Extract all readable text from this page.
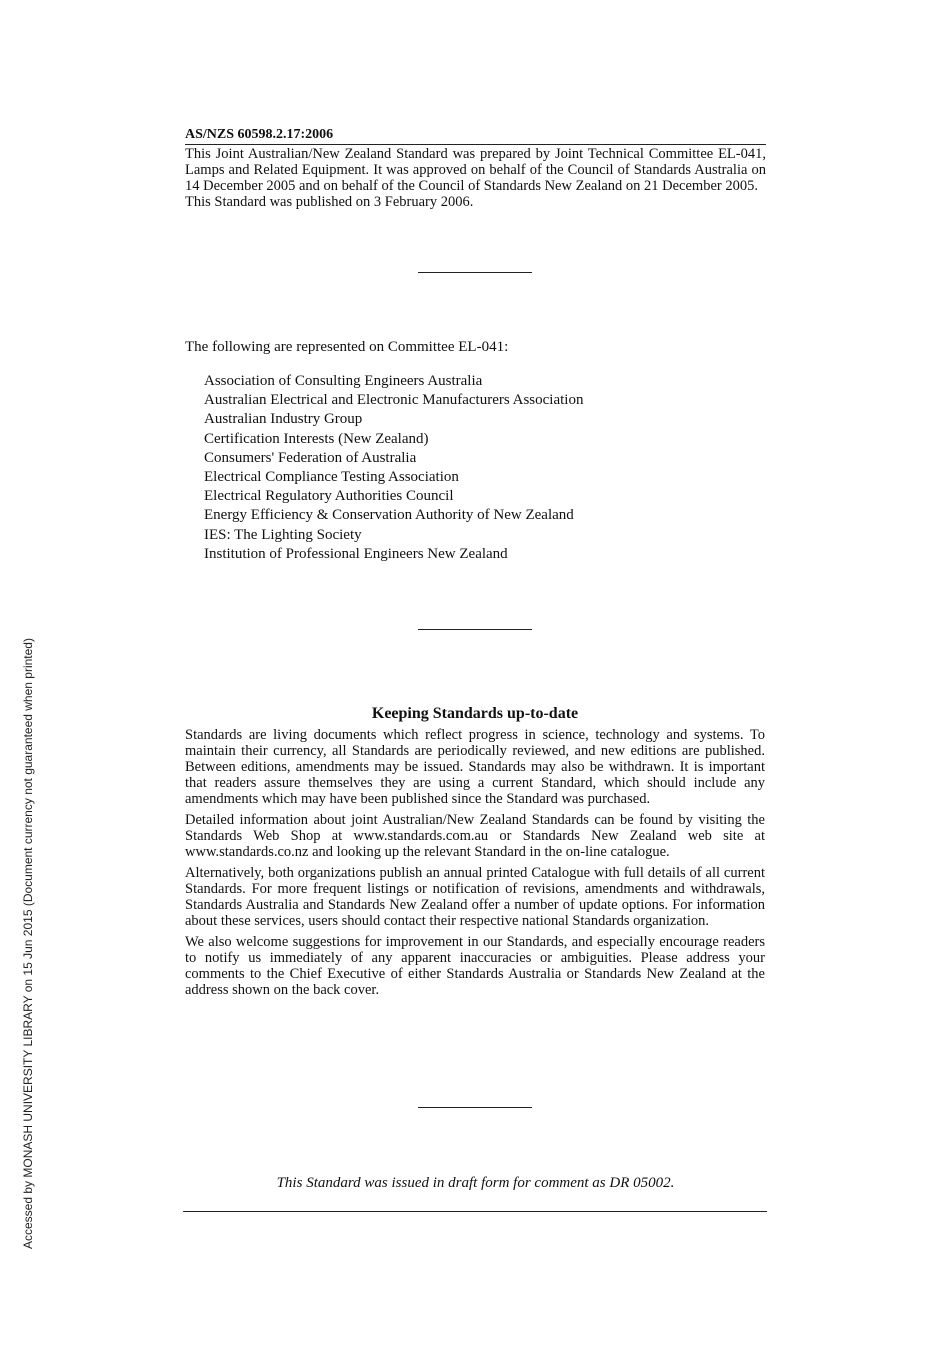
Accessed by MONASH UNIVERSITY LIBRARY on 15 Jun 2015 (Document currency not guaranteed when printed)
AS/NZS 60598.2.17:2006

This Joint Australian/New Zealand Standard was prepared by Joint Technical Committee EL-041, Lamps and Related Equipment. It was approved on behalf of the Council of Standards Australia on 14 December 2005 and on behalf of the Council of Standards New Zealand on 21 December 2005.

This Standard was published on 3 February 2006.

The following are represented on Committee EL-041:

Association of Consulting Engineers Australia
Australian Electrical and Electronic Manufacturers Association
Australian Industry Group
Certification Interests (New Zealand)
Consumers' Federation of Australia
Electrical Compliance Testing Association
Electrical Regulatory Authorities Council
Energy Efficiency & Conservation Authority of New Zealand
IES: The Lighting Society
Institution of Professional Engineers New Zealand
Keeping Standards up-to-date

Standards are living documents which reflect progress in science, technology and systems. To maintain their currency, all Standards are periodically reviewed, and new editions are published. Between editions, amendments may be issued. Standards may also be withdrawn. It is important that readers assure themselves they are using a current Standard, which should include any amendments which may have been published since the Standard was purchased.

Detailed information about joint Australian/New Zealand Standards can be found by visiting the Standards Web Shop at www.standards.com.au or Standards New Zealand web site at www.standards.co.nz and looking up the relevant Standard in the on-line catalogue.

Alternatively, both organizations publish an annual printed Catalogue with full details of all current Standards. For more frequent listings or notification of revisions, amendments and withdrawals, Standards Australia and Standards New Zealand offer a number of update options. For information about these services, users should contact their respective national Standards organization.

We also welcome suggestions for improvement in our Standards, and especially encourage readers to notify us immediately of any apparent inaccuracies or ambiguities. Please address your comments to the Chief Executive of either Standards Australia or Standards New Zealand at the address shown on the back cover.

This Standard was issued in draft form for comment as DR 05002.
